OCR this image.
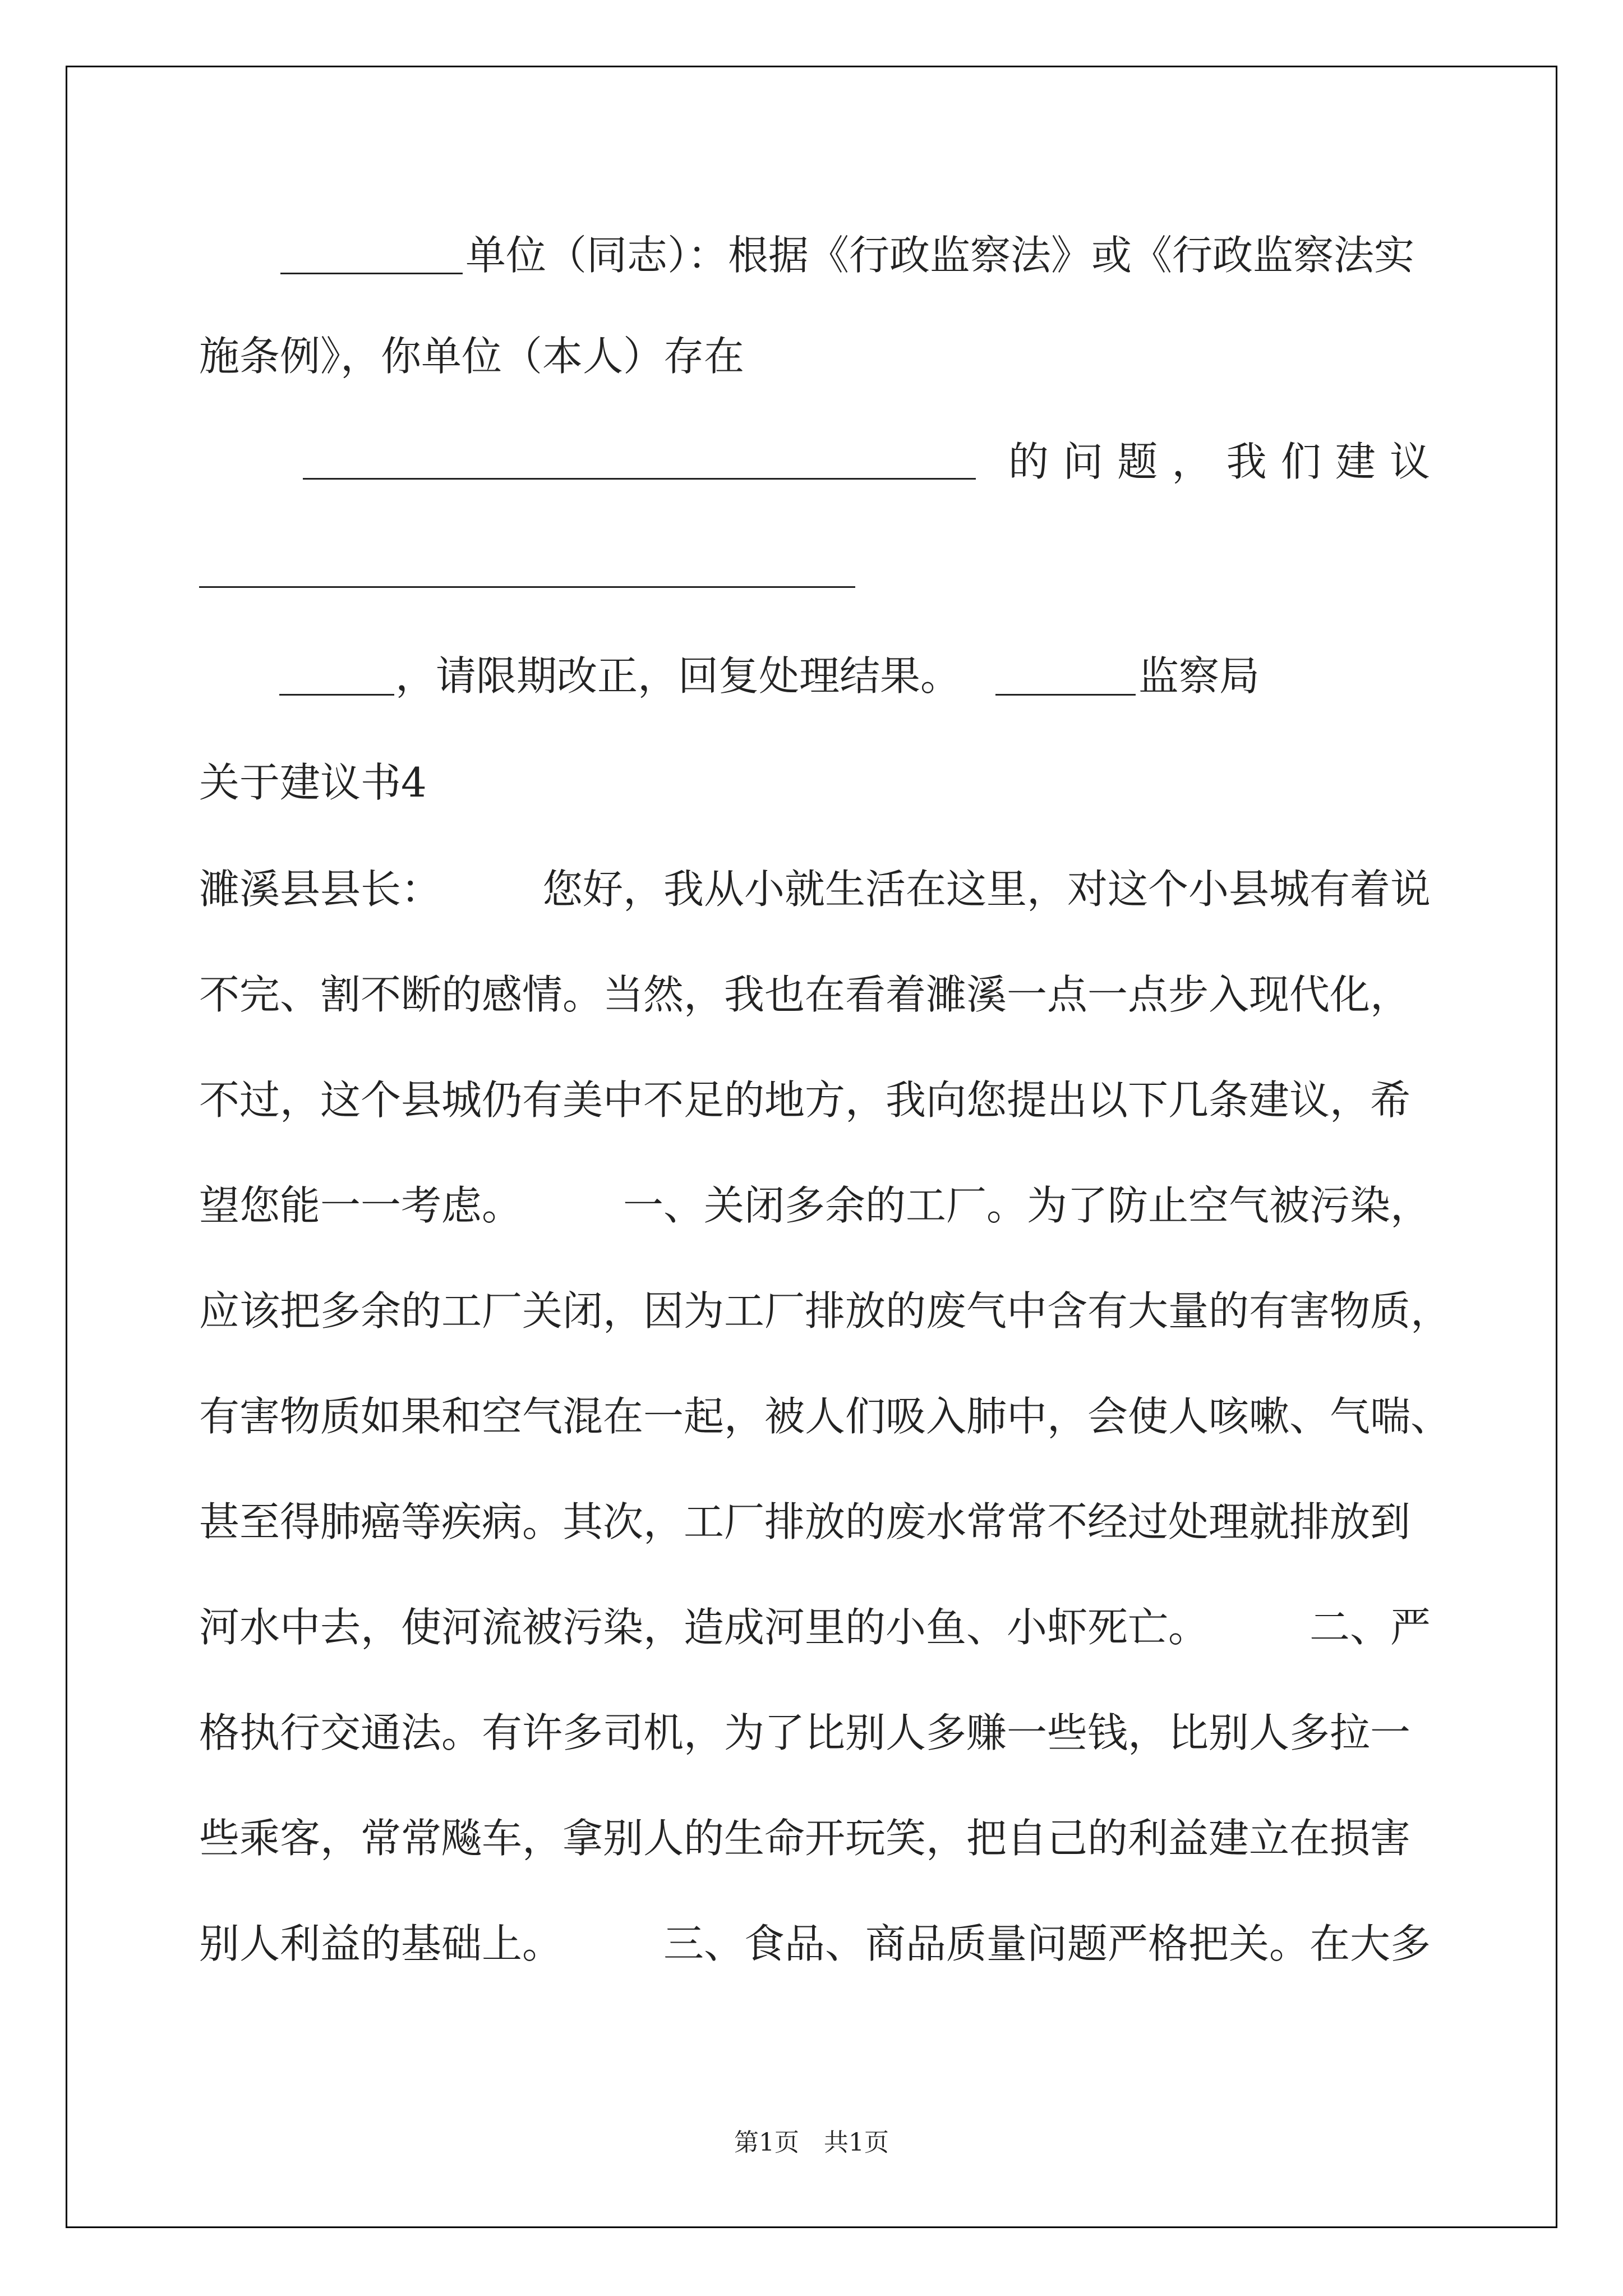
单位（同志）：根据《行政监察法》或《行政监察法实
施条例》，你单位（本人）存在
的 问 题 ， 我 们 建 议
，请限期改正，回复处理结果。	监察局
关于建议书4
濉溪县县长：　　　您好，我从小就生活在这里，对这个小县城有着说
不完、割不断的感情。当然，我也在看着濉溪一点一点步入现代化，
不过，这个县城仍有美中不足的地方，我向您提出以下几条建议，希
望您能一一考虑。　　　一、关闭多余的工厂。为了防止空气被污染，
应该把多余的工厂关闭，因为工厂排放的废气中含有大量的有害物质，
有害物质如果和空气混在一起，被人们吸入肺中，会使人咳嗽、气喘、
甚至得肺癌等疾病。其次，工厂排放的废水常常不经过处理就排放到
河水中去，使河流被污染，造成河里的小鱼、小虾死亡。　　　二、严
格执行交通法。有许多司机，为了比别人多赚一些钱，比别人多拉一
些乘客，常常飚车，拿别人的生命开玩笑，把自己的利益建立在损害
别人利益的基础上。　　　三、食品、商品质量问题严格把关。在大多
第1页　共1页
